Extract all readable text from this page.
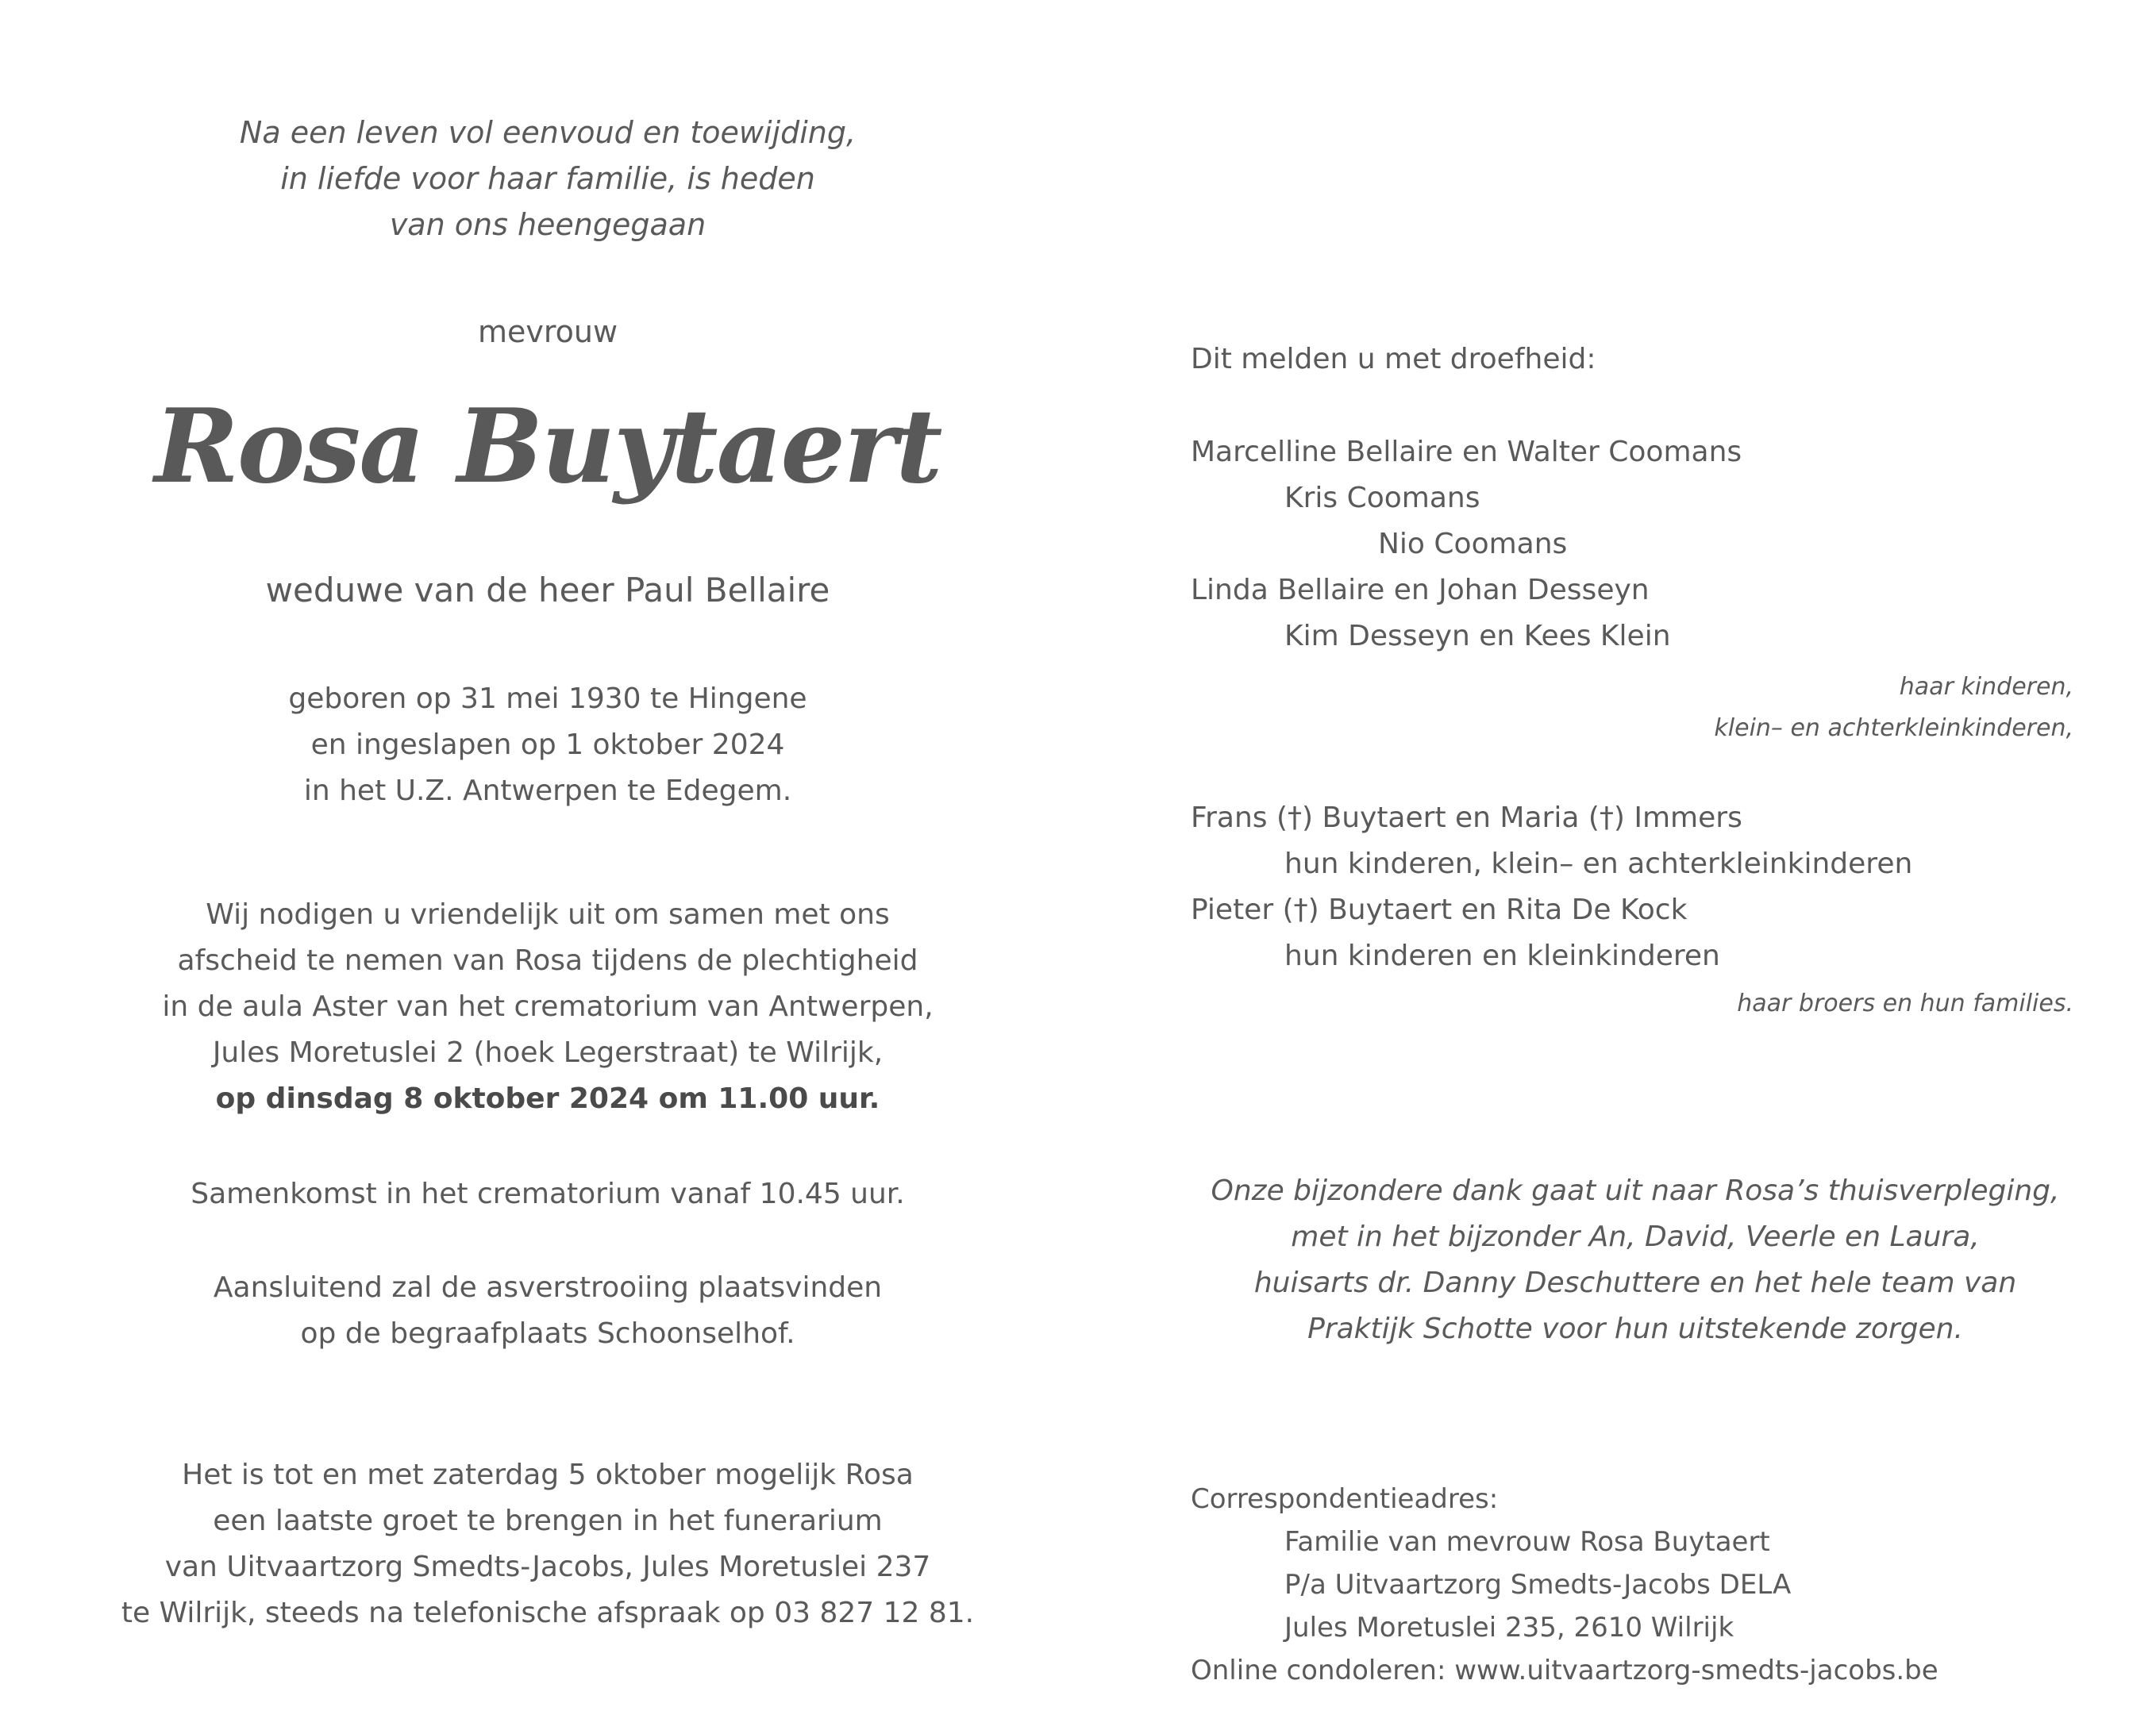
Na een leven vol eenvoud en toewijding,
in liefde voor haar familie, is heden
van ons heengegaan
mevrouw
Rosa Buytaert
weduwe van de heer Paul Bellaire
geboren op 31 mei 1930 te Hingene
en ingeslapen op 1 oktober 2024
in het U.Z. Antwerpen te Edegem.
Wij nodigen u vriendelijk uit om samen met ons
afscheid te nemen van Rosa tijdens de plechtigheid
in de aula Aster van het crematorium van Antwerpen,
Jules Moretuslei 2 (hoek Legerstraat) te Wilrijk,
op dinsdag 8 oktober 2024 om 11.00 uur.
Samenkomst in het crematorium vanaf 10.45 uur.
Aansluitend zal de asverstrooiing plaatsvinden
op de begraafplaats Schoonselhof.
Het is tot en met zaterdag 5 oktober mogelijk Rosa
een laatste groet te brengen in het funerarium
van Uitvaartzorg Smedts-Jacobs, Jules Moretuslei 237
te Wilrijk, steeds na telefonische afspraak op 03 827 12 81.
Dit melden u met droefheid:
Marcelline Bellaire en Walter Coomans
Kris Coomans
Nio Coomans
Linda Bellaire en Johan Desseyn
Kim Desseyn en Kees Klein
haar kinderen,
klein– en achterkleinkinderen,
Frans (†) Buytaert en Maria (†) Immers
hun kinderen, klein– en achterkleinkinderen
Pieter (†) Buytaert en Rita De Kock
hun kinderen en kleinkinderen
haar broers en hun families.
Onze bijzondere dank gaat uit naar Rosa’s thuisverpleging,
met in het bijzonder An, David, Veerle en Laura,
huisarts dr. Danny Deschuttere en het hele team van
Praktijk Schotte voor hun uitstekende zorgen.
Correspondentieadres:
Familie van mevrouw Rosa Buytaert
P/a Uitvaartzorg Smedts-Jacobs DELA
Jules Moretuslei 235, 2610 Wilrijk
Online condoleren: www.uitvaartzorg-smedts-jacobs.be
